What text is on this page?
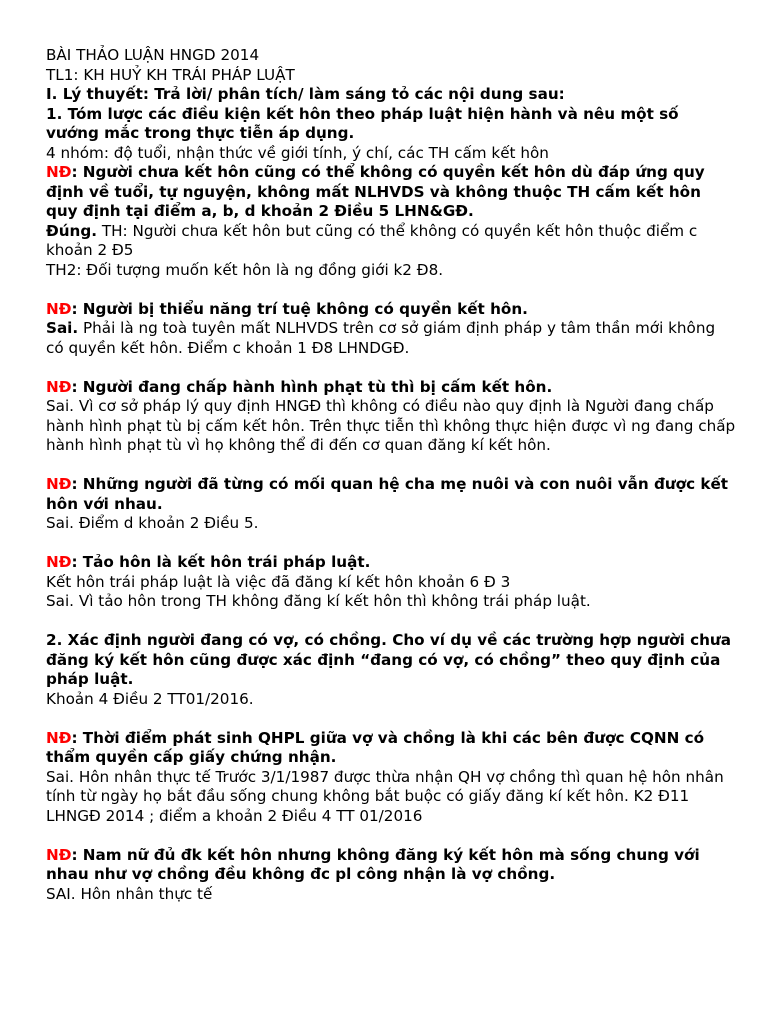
BÀI THẢO LUẬN HNGD 2014

TL1: KH HUỶ KH TRÁI PHÁP LUẬT

I. Lý thuyết: Trả lời/ phân tích/ làm sáng tỏ các nội dung sau:

1. Tóm lược các điều kiện kết hôn theo pháp luật hiện hành và nêu một số vướng mắc trong thực tiễn áp dụng.

4 nhóm: độ tuổi, nhận thức về giới tính, ý chí, các TH cấm kết hôn

NĐ: Người chưa kết hôn cũng có thể không có quyền kết hôn dù đáp ứng quy định về tuổi, tự nguyện, không mất NLHVDS và không thuộc TH cấm kết hôn quy định tại điểm a, b, d khoản 2 Điều 5 LHN&GĐ.

Đúng. TH: Người chưa kết hôn but cũng có thể không có quyền kết hôn thuộc điểm c khoản 2 Đ5

TH2: Đối tượng muốn kết hôn là ng đồng giới k2 Đ8.

NĐ: Người bị thiểu năng trí tuệ không có quyền kết hôn.

Sai. Phải là ng toà tuyên mất NLHVDS trên cơ sở giám định pháp y tâm thần mới không có quyền kết hôn. Điểm c khoản 1 Đ8 LHNDGĐ.

NĐ: Người đang chấp hành hình phạt tù thì bị cấm kết hôn.

Sai. Vì cơ sở pháp lý quy định HNGĐ thì không có điều nào quy định là Người đang chấp hành hình phạt tù bị cấm kết hôn. Trên thực tiễn thì không thực hiện được vì ng đang chấp hành hình phạt tù vì họ không thể đi đến cơ quan đăng kí kết hôn.

NĐ: Những người đã từng có mối quan hệ cha mẹ nuôi và con nuôi vẫn được kết hôn với nhau.

Sai. Điểm d khoản 2 Điều 5.

NĐ: Tảo hôn là kết hôn trái pháp luật.

Kết hôn trái pháp luật là việc đã đăng kí kết hôn khoản 6 Đ 3

Sai. Vì tảo hôn trong TH không đăng kí kết hôn thì không trái pháp luật.

2. Xác định người đang có vợ, có chồng. Cho ví dụ về các trường hợp người chưa đăng ký kết hôn cũng được xác định “đang có vợ, có chồng” theo quy định của pháp luật.

Khoản 4 Điều 2 TT01/2016.

NĐ: Thời điểm phát sinh QHPL giữa vợ và chồng là khi các bên được CQNN có thẩm quyền cấp giấy chứng nhận.

Sai. Hôn nhân thực tế Trước 3/1/1987 được thừa nhận QH vợ chồng thì quan hệ hôn nhân tính từ ngày họ bắt đầu sống chung không bắt buộc có giấy đăng kí kết hôn. K2 Đ11 LHNGĐ 2014 ; điểm a khoản 2 Điều 4 TT 01/2016

NĐ: Nam nữ đủ đk kết hôn nhưng không đăng ký kết hôn mà sống chung với nhau như vợ chồng đều không đc pl công nhận là vợ chồng.

SAI. Hôn nhân thực tế
